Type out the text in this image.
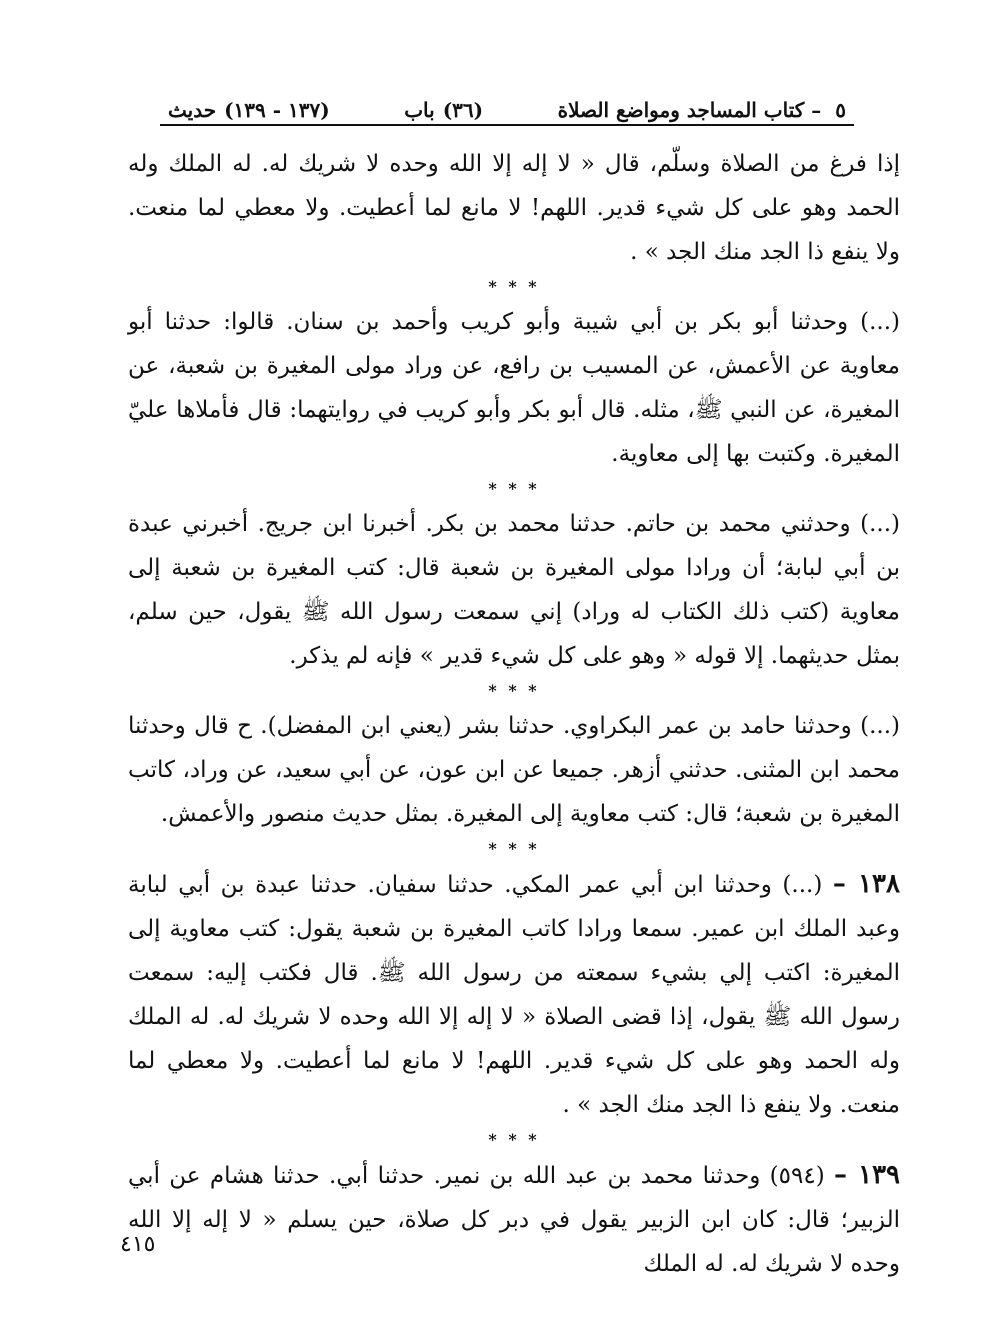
٥
– كتاب المساجد ومواضع الصلاة
(٣٦)
باب
(١٣٧ - ١٣٩)
حديث

إذا فرغ من الصلاة وسلّم، قال « لا إله إلا الله وحده لا شريك له. له الملك وله الحمد وهو على كل شيء قدير. اللهم! لا مانع لما أعطيت. ولا معطي لما منعت. ولا ينفع ذا الجد منك الجد » .

* * *

(...) وحدثنا أبو بكر بن أبي شيبة وأبو كريب وأحمد بن سنان. قالوا: حدثنا أبو معاوية عن الأعمش، عن المسيب بن رافع، عن وراد مولى المغيرة بن شعبة، عن المغيرة، عن النبي ﷺ، مثله. قال أبو بكر وأبو كريب في روايتهما: قال فأملاها عليّ المغيرة. وكتبت بها إلى معاوية.

* * *

(...) وحدثني محمد بن حاتم. حدثنا محمد بن بكر. أخبرنا ابن جريج. أخبرني عبدة بن أبي لبابة؛ أن ورادا مولى المغيرة بن شعبة قال: كتب المغيرة بن شعبة إلى معاوية (كتب ذلك الكتاب له وراد) إني سمعت رسول الله ﷺ يقول، حين سلم، بمثل حديثهما. إلا قوله « وهو على كل شيء قدير » فإنه لم يذكر.

* * *

(...) وحدثنا حامد بن عمر البكراوي. حدثنا بشر (يعني ابن المفضل). ح قال وحدثنا محمد ابن المثنى. حدثني أزهر. جميعا عن ابن عون، عن أبي سعيد، عن وراد، كاتب المغيرة بن شعبة؛ قال: كتب معاوية إلى المغيرة. بمثل حديث منصور والأعمش.

* * *

١٣٨ – (...) وحدثنا ابن أبي عمر المكي. حدثنا سفيان. حدثنا عبدة بن أبي لبابة وعبد الملك ابن عمير. سمعا ورادا كاتب المغيرة بن شعبة يقول: كتب معاوية إلى المغيرة: اكتب إلي بشيء سمعته من رسول الله ﷺ. قال فكتب إليه: سمعت رسول الله ﷺ يقول، إذا قضى الصلاة « لا إله إلا الله وحده لا شريك له. له الملك وله الحمد وهو على كل شيء قدير. اللهم! لا مانع لما أعطيت. ولا معطي لما منعت. ولا ينفع ذا الجد منك الجد » .

* * *

١٣٩ – (٥٩٤) وحدثنا محمد بن عبد الله بن نمير. حدثنا أبي. حدثنا هشام عن أبي الزبير؛ قال: كان ابن الزبير يقول في دبر كل صلاة، حين يسلم « لا إله إلا الله وحده لا شريك له. له الملك

٤١٥
